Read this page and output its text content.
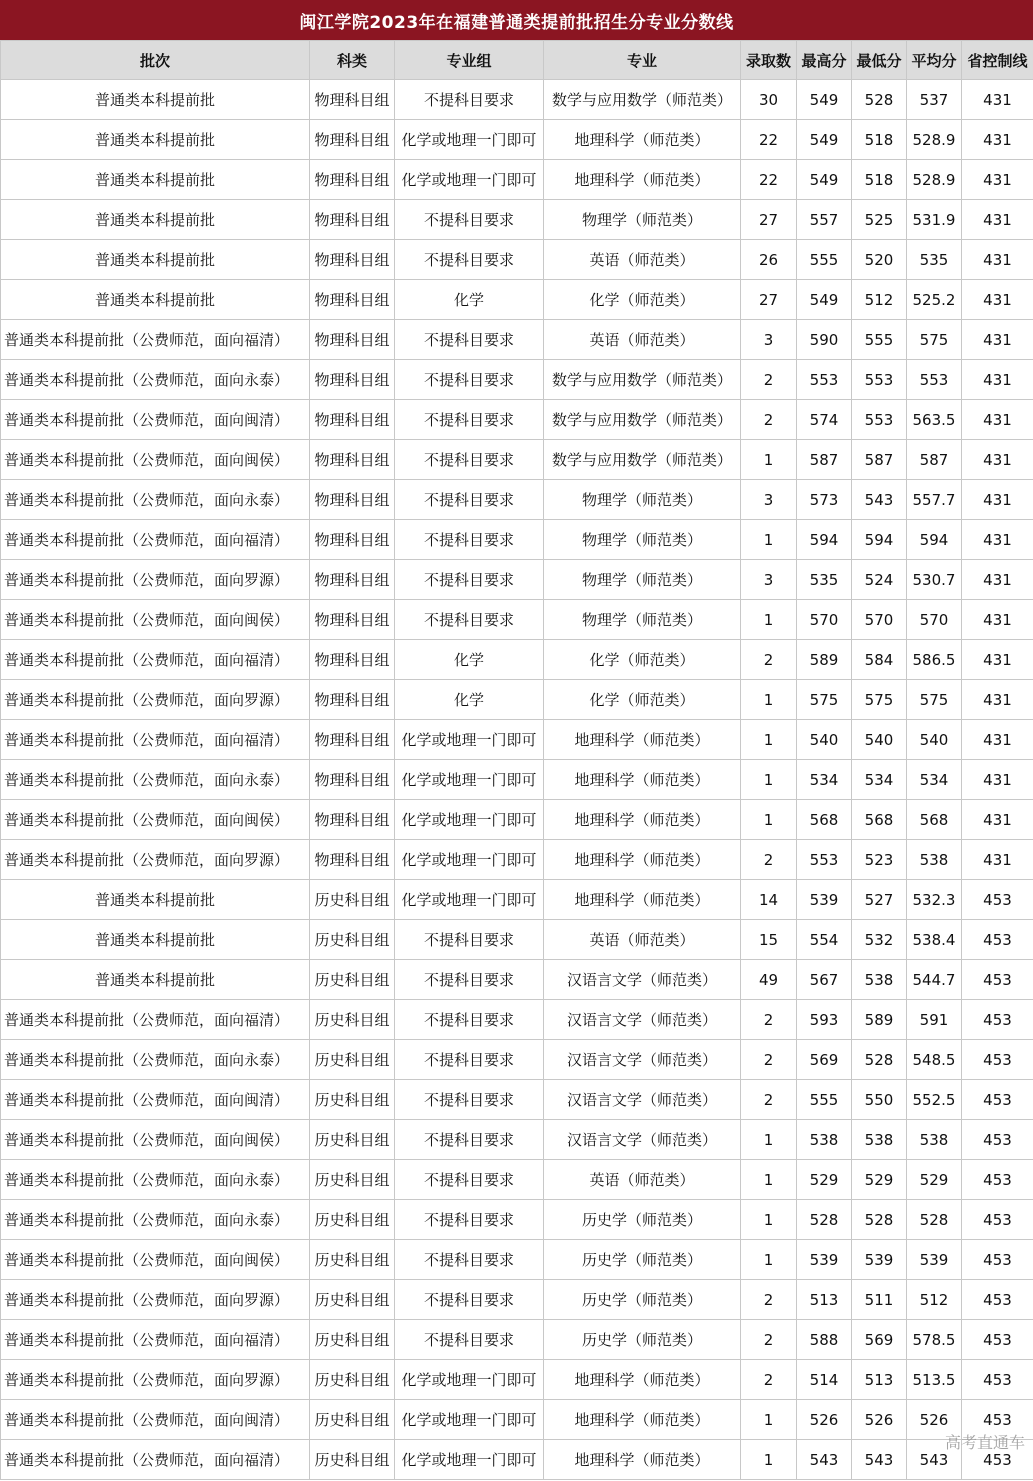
闽江学院2023年在福建普通类提前批招生分专业分数线
批次	科类	专业组	专业	录取数	最高分	最低分	平均分	省控制线
普通类本科提前批	物理科目组	不提科目要求	数学与应用数学（师范类）	30	549	528	537	431
普通类本科提前批	物理科目组	化学或地理一门即可	地理科学（师范类）	22	549	518	528.9	431
普通类本科提前批	物理科目组	化学或地理一门即可	地理科学（师范类）	22	549	518	528.9	431
普通类本科提前批	物理科目组	不提科目要求	物理学（师范类）	27	557	525	531.9	431
普通类本科提前批	物理科目组	不提科目要求	英语（师范类）	26	555	520	535	431
普通类本科提前批	物理科目组	化学	化学（师范类）	27	549	512	525.2	431
普通类本科提前批（公费师范，面向福清）	物理科目组	不提科目要求	英语（师范类）	3	590	555	575	431
普通类本科提前批（公费师范，面向永泰）	物理科目组	不提科目要求	数学与应用数学（师范类）	2	553	553	553	431
普通类本科提前批（公费师范，面向闽清）	物理科目组	不提科目要求	数学与应用数学（师范类）	2	574	553	563.5	431
普通类本科提前批（公费师范，面向闽侯）	物理科目组	不提科目要求	数学与应用数学（师范类）	1	587	587	587	431
普通类本科提前批（公费师范，面向永泰）	物理科目组	不提科目要求	物理学（师范类）	3	573	543	557.7	431
普通类本科提前批（公费师范，面向福清）	物理科目组	不提科目要求	物理学（师范类）	1	594	594	594	431
普通类本科提前批（公费师范，面向罗源）	物理科目组	不提科目要求	物理学（师范类）	3	535	524	530.7	431
普通类本科提前批（公费师范，面向闽侯）	物理科目组	不提科目要求	物理学（师范类）	1	570	570	570	431
普通类本科提前批（公费师范，面向福清）	物理科目组	化学	化学（师范类）	2	589	584	586.5	431
普通类本科提前批（公费师范，面向罗源）	物理科目组	化学	化学（师范类）	1	575	575	575	431
普通类本科提前批（公费师范，面向福清）	物理科目组	化学或地理一门即可	地理科学（师范类）	1	540	540	540	431
普通类本科提前批（公费师范，面向永泰）	物理科目组	化学或地理一门即可	地理科学（师范类）	1	534	534	534	431
普通类本科提前批（公费师范，面向闽侯）	物理科目组	化学或地理一门即可	地理科学（师范类）	1	568	568	568	431
普通类本科提前批（公费师范，面向罗源）	物理科目组	化学或地理一门即可	地理科学（师范类）	2	553	523	538	431
普通类本科提前批	历史科目组	化学或地理一门即可	地理科学（师范类）	14	539	527	532.3	453
普通类本科提前批	历史科目组	不提科目要求	英语（师范类）	15	554	532	538.4	453
普通类本科提前批	历史科目组	不提科目要求	汉语言文学（师范类）	49	567	538	544.7	453
普通类本科提前批（公费师范，面向福清）	历史科目组	不提科目要求	汉语言文学（师范类）	2	593	589	591	453
普通类本科提前批（公费师范，面向永泰）	历史科目组	不提科目要求	汉语言文学（师范类）	2	569	528	548.5	453
普通类本科提前批（公费师范，面向闽清）	历史科目组	不提科目要求	汉语言文学（师范类）	2	555	550	552.5	453
普通类本科提前批（公费师范，面向闽侯）	历史科目组	不提科目要求	汉语言文学（师范类）	1	538	538	538	453
普通类本科提前批（公费师范，面向永泰）	历史科目组	不提科目要求	英语（师范类）	1	529	529	529	453
普通类本科提前批（公费师范，面向永泰）	历史科目组	不提科目要求	历史学（师范类）	1	528	528	528	453
普通类本科提前批（公费师范，面向闽侯）	历史科目组	不提科目要求	历史学（师范类）	1	539	539	539	453
普通类本科提前批（公费师范，面向罗源）	历史科目组	不提科目要求	历史学（师范类）	2	513	511	512	453
普通类本科提前批（公费师范，面向福清）	历史科目组	不提科目要求	历史学（师范类）	2	588	569	578.5	453
普通类本科提前批（公费师范，面向罗源）	历史科目组	化学或地理一门即可	地理科学（师范类）	2	514	513	513.5	453
普通类本科提前批（公费师范，面向闽清）	历史科目组	化学或地理一门即可	地理科学（师范类）	1	526	526	526	453
普通类本科提前批（公费师范，面向福清）	历史科目组	化学或地理一门即可	地理科学（师范类）	1	543	543	543	453
高考直通车
